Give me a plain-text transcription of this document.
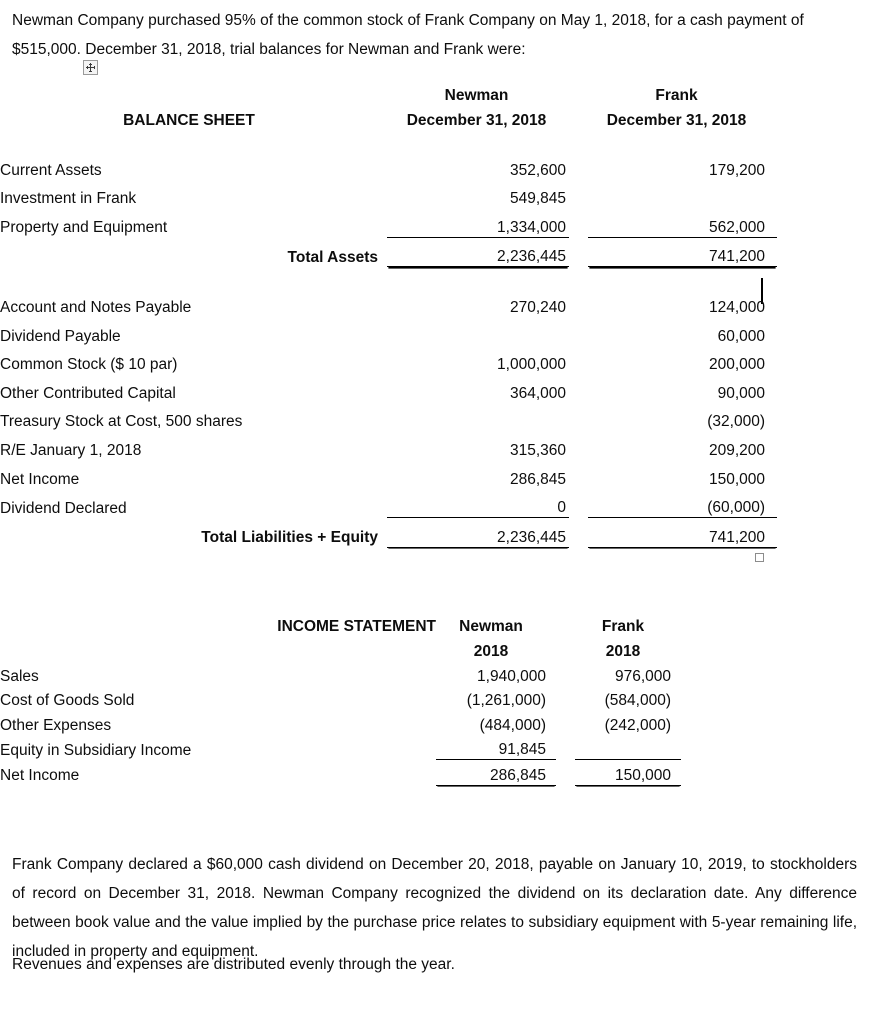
Newman Company purchased 95% of the common stock of Frank Company on May 1, 2018, for a cash payment of $515,000. December 31, 2018, trial balances for Newman and Frank were:
		Newman		Frank
BALANCE SHEET		December 31, 2018		December 31, 2018

Current Assets		352,600		179,200
Investment in Frank		549,845		
Property and Equipment		1,334,000		562,000
Total Assets		2,236,445		741,200

Account and Notes Payable		270,240		124,000
Dividend Payable				60,000
Common Stock ($ 10 par)		1,000,000		200,000
Other Contributed Capital		364,000		90,000
Treasury Stock at Cost, 500 shares				(32,000)
R/E January 1, 2018		315,360		209,200
Net Income		286,845		150,000
Dividend Declared		0		(60,000)
Total Liabilities + Equity		2,236,445		741,200
INCOME STATEMENT	Newman		Frank
	2018		2018
Sales	1,940,000		976,000
Cost of Goods Sold	(1,261,000)		(584,000)
Other Expenses	(484,000)		(242,000)
Equity in Subsidiary Income	91,845		
Net Income	286,845		150,000
Frank Company declared a $60,000 cash dividend on December 20, 2018, payable on January 10, 2019, to stockholders of record on December 31, 2018. Newman Company recognized the dividend on its declaration date. Any difference between book value and the value implied by the purchase price relates to subsidiary equipment with 5-year remaining life, included in property and equipment.
Revenues and expenses are distributed evenly through the year.
